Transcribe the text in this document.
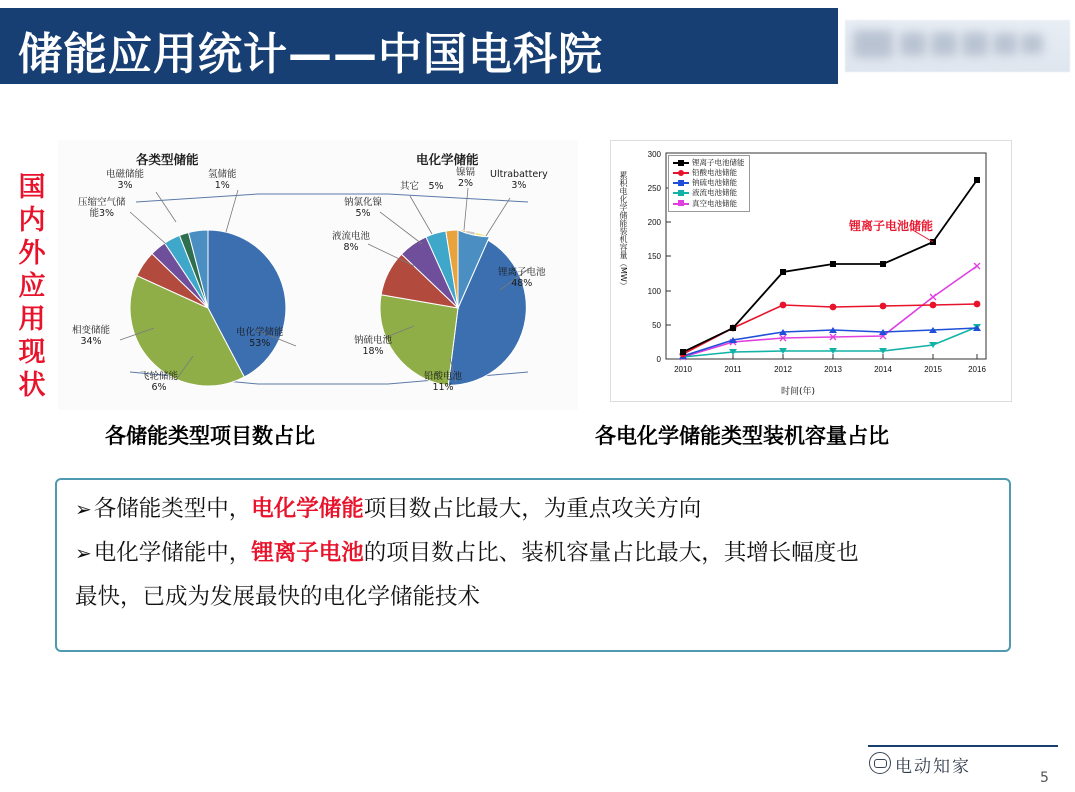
储能应用统计——中国电科院
国内外应用现状
各类型储能	电化学储能
电化学储能
53%
相变储能
34%
飞轮储能
6%
压缩空气储
能3%
电磁储能
3%
氢储能
1%
锂离子电池
48%
钠硫电池
18%
铅酸电池
11%
液流电池
8%
钠氯化镍
5%
其它　5%
镍镉
2%
Ultrabattery
3%	累积电化学储能装机容量（MW）
时间(年)
0
50
100
150
200
250
300
2010	2011	2012	2013	2014	2015	2016
锂离子电池储能
铅酸电池储能
钠硫电池储能
液流电池储能
真空电池储能
锂离子电池储能
各储能类型项目数占比	各电化学储能类型装机容量占比
➢各储能类型中，电化学储能项目数占比最大，为重点攻关方向
➢电化学储能中，锂离子电池的项目数占比、装机容量占比最大，其增长幅度也
最快，已成为发展最快的电化学储能技术
电动知家
5
